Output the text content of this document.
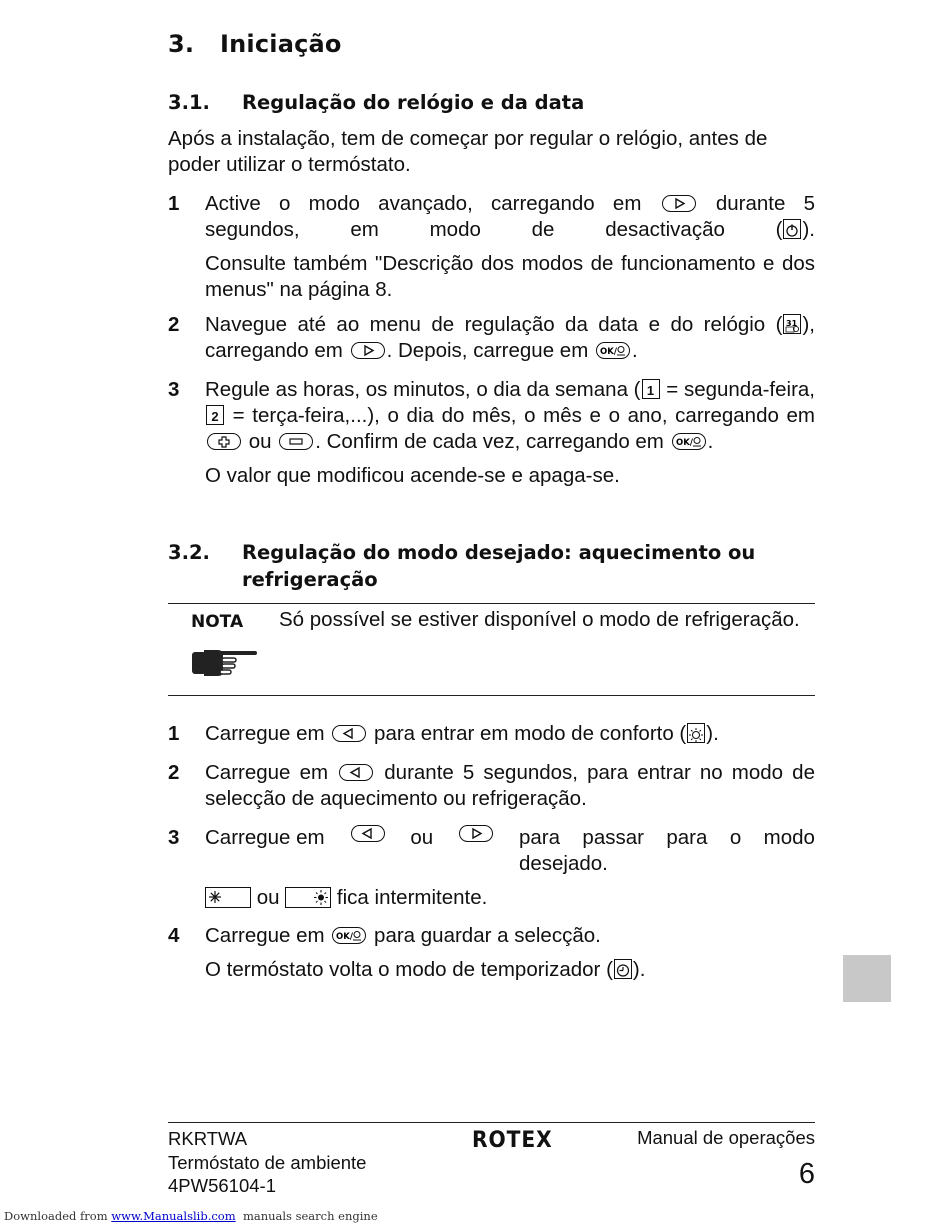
3. Iniciação
3.1. Regulação do relógio e da data
Após a instalação, tem de começar por regular o relógio, antes de poder utilizar o termóstato.
1	Active o modo avançado, carregando em	durante 5 segundos, em modo de desactivação ( ).

Consulte também "Descrição dos modos de funcionamento e dos menus" na página 8.

2	Navegue até ao menu de regulação da data e do relógio ( 31 ), carregando em . Depois, carregue em OK/ .

3	Regule as horas, os minutos, o dia da semana ( 1 = segunda-feira,
2 = terça-feira,...), o dia do mês, o mês e o ano, carregando em
ou . Confirm de cada vez, carregando em OK/ .

O valor que modificou acende-se e apaga-se.

3.2. Regulação do modo desejado: aquecimento ou refrigeração
NOTA Só possível se estiver disponível o modo de refrigeração.

1	Carregue em para entrar em modo de conforto ( ).

2	Carregue em	durante 5 segundos, para entrar no modo de selecção de aquecimento ou refrigeração.

3	Carregue em	ou	para passar para o modo desejado.

ou	fica intermitente.

4	Carregue em OK/ para guardar a selecção.

O termóstato volta o modo de temporizador ( ).

RKRTWA
Termóstato de ambiente
4PW56104-1
ROTEX	Manual de operações
6
Downloaded from www.Manualslib.com manuals search engine
